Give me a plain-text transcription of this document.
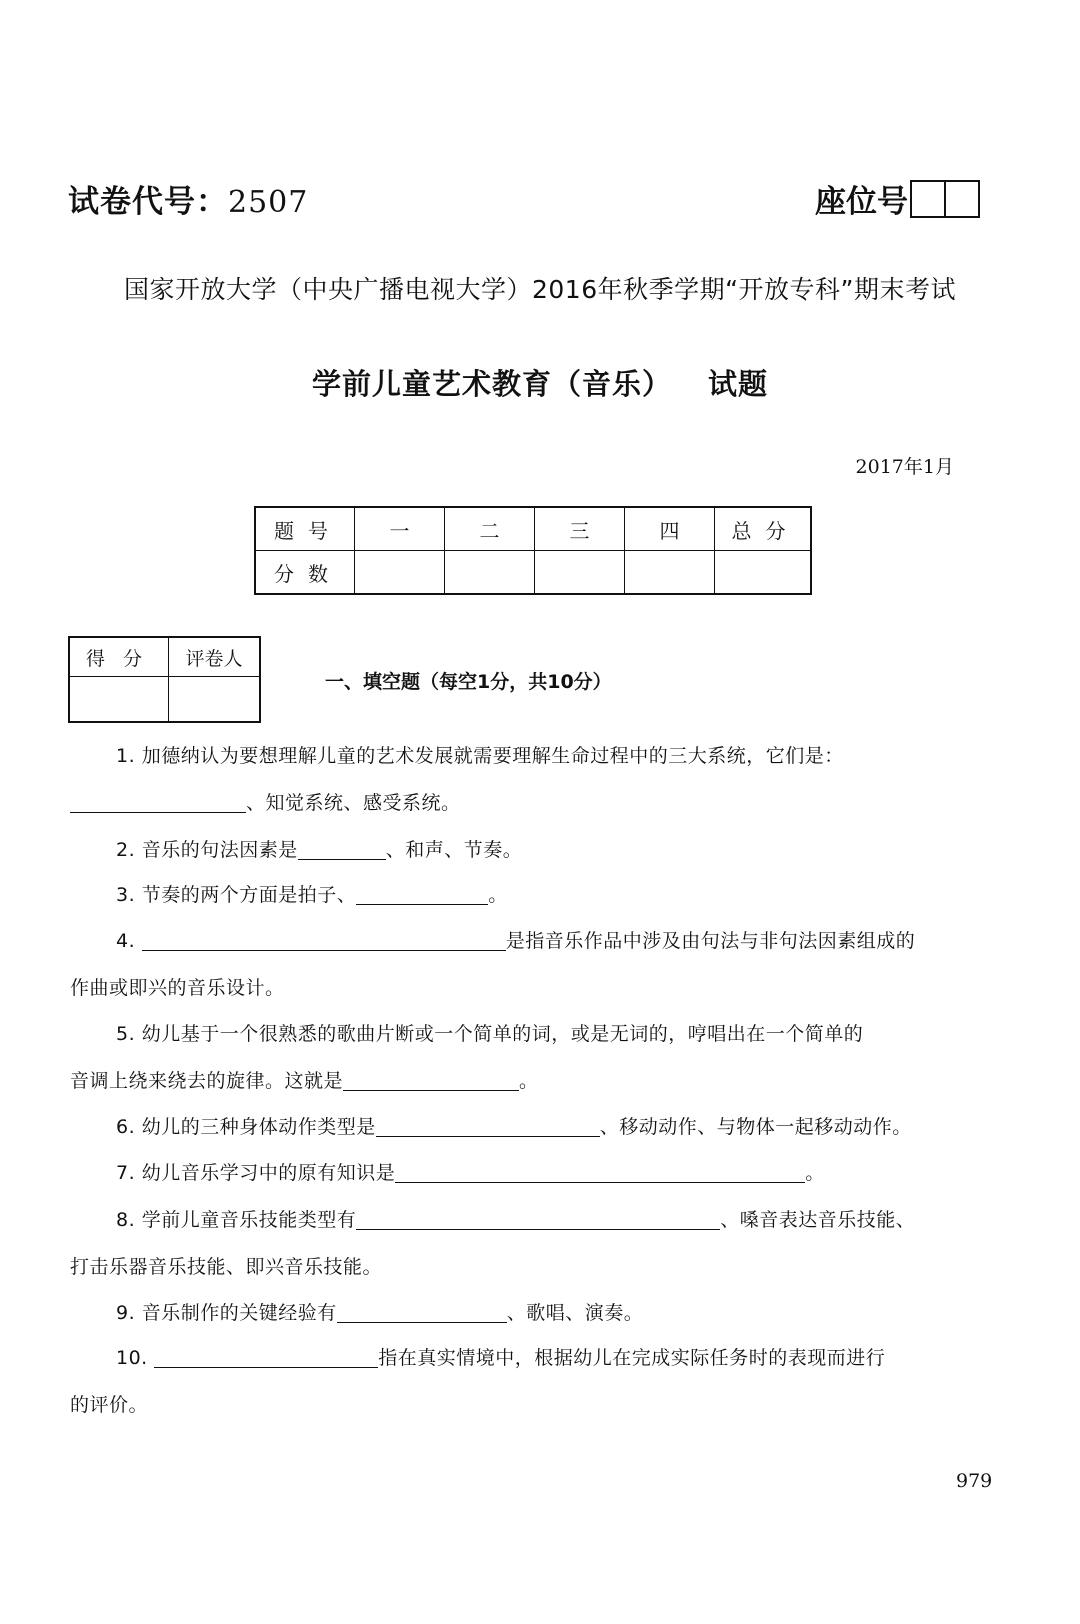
试卷代号：2507	座位号
国家开放大学（中央广播电视大学）2016年秋季学期“开放专科”期末考试
学前儿童艺术教育（音乐） 试题
2017年1月
题号	一	二	三	四	总分
分数					
得分	评卷人

一、填空题（每空1分，共10分）
1. 加德纳认为要想理解儿童的艺术发展就需要理解生命过程中的三大系统，它们是：
、知觉系统、感受系统。
2. 音乐的句法因素是	、和声、节奏。
3. 节奏的两个方面是拍子、	。
4.	是指音乐作品中涉及由句法与非句法因素组成的
作曲或即兴的音乐设计。
5. 幼儿基于一个很熟悉的歌曲片断或一个简单的词，或是无词的，哼唱出在一个简单的
音调上绕来绕去的旋律。这就是	。
6. 幼儿的三种身体动作类型是	、移动动作、与物体一起移动动作。
7. 幼儿音乐学习中的原有知识是	。
8. 学前儿童音乐技能类型有	、嗓音表达音乐技能、
打击乐器音乐技能、即兴音乐技能。
9. 音乐制作的关键经验有	、歌唱、演奏。
10.	指在真实情境中，根据幼儿在完成实际任务时的表现而进行
的评价。
979
